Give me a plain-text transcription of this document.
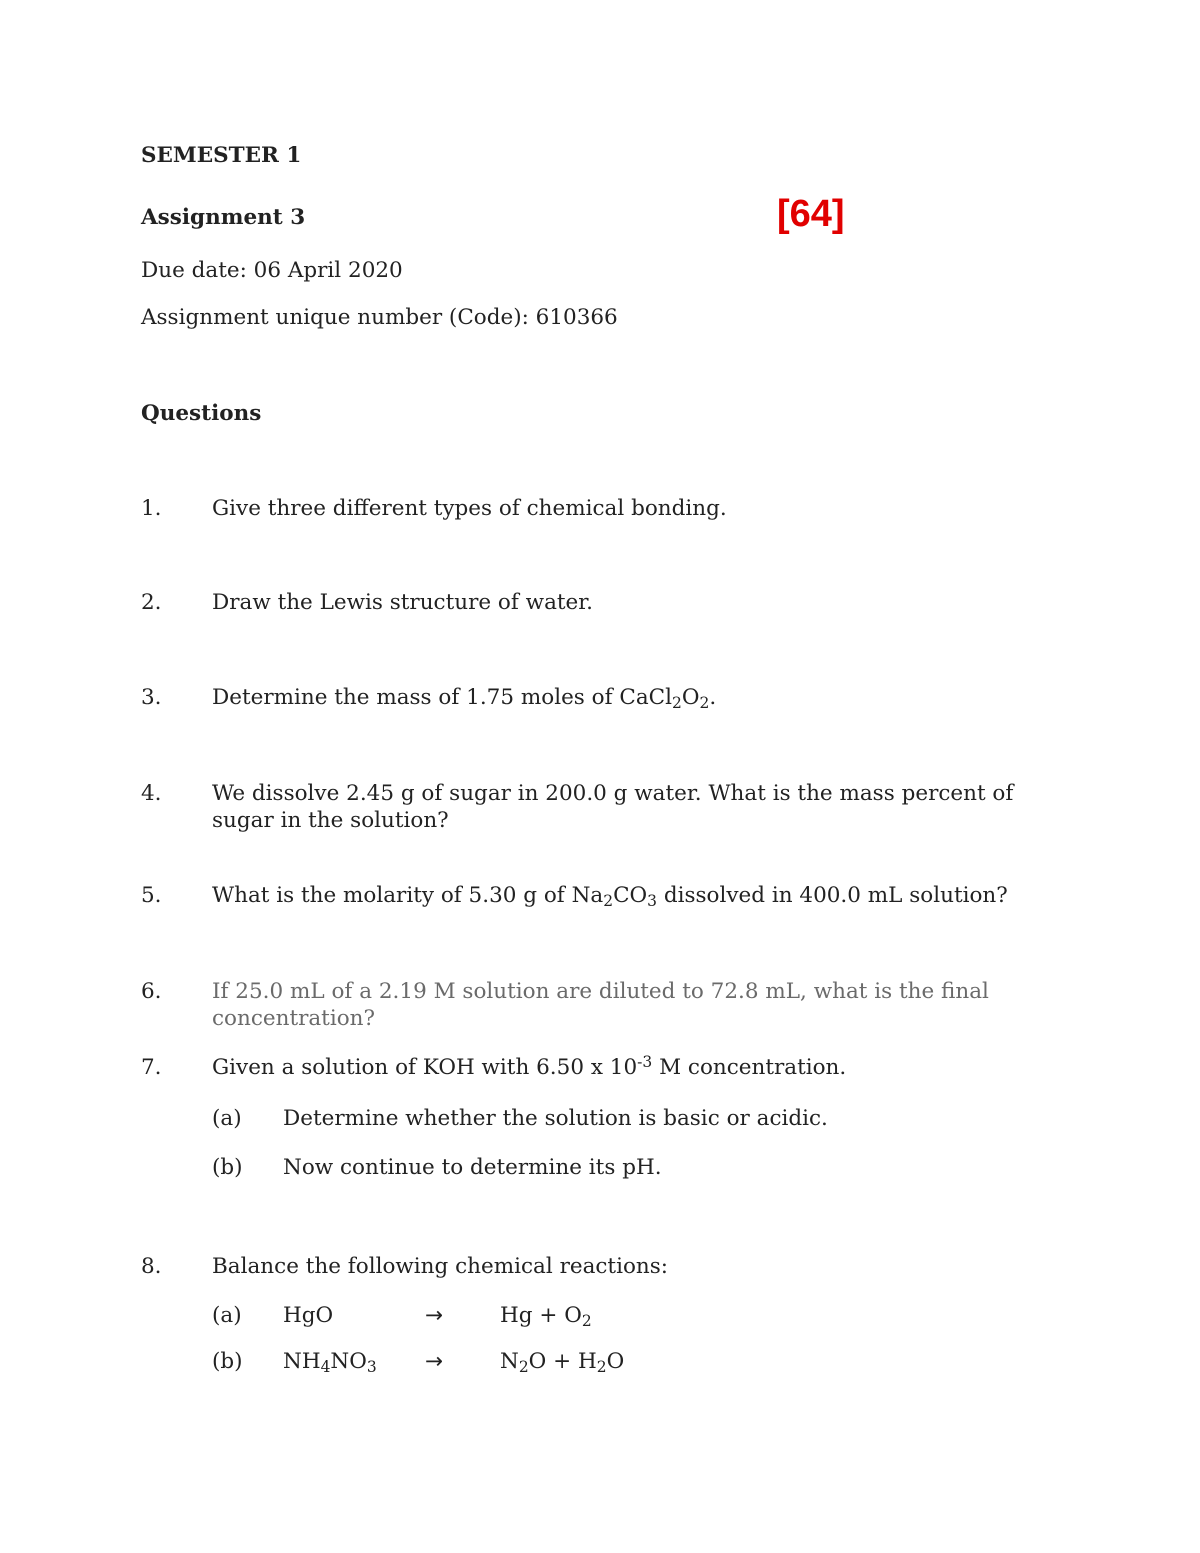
SEMESTER 1
Assignment 3	[64]
Due date: 06 April 2020
Assignment unique number (Code): 610366
Questions
1. Give three different types of chemical bonding.
2. Draw the Lewis structure of water.
3. Determine the mass of 1.75 moles of $CaCl_2O_2$.
4. We dissolve 2.45 g of sugar in 200.0 g water. What is the mass percent of
sugar in the solution?
5. What is the molarity of 5.30 g of $Na_2CO_3$ dissolved in 400.0 mL solution?
6. If 25.0 mL of a 2.19 M solution are diluted to 72.8 mL, what is the final
concentration?
7. Given a solution of KOH with 6.50 x $10^{-3}$ M concentration.
(a) Determine whether the solution is basic or acidic.
(b) Now continue to determine its pH.
8. Balance the following chemical reactions:
(a) HgO	→	$Hg + O_2$
(b) $NH_4NO_3$ →	$N_2O + H_2O$
